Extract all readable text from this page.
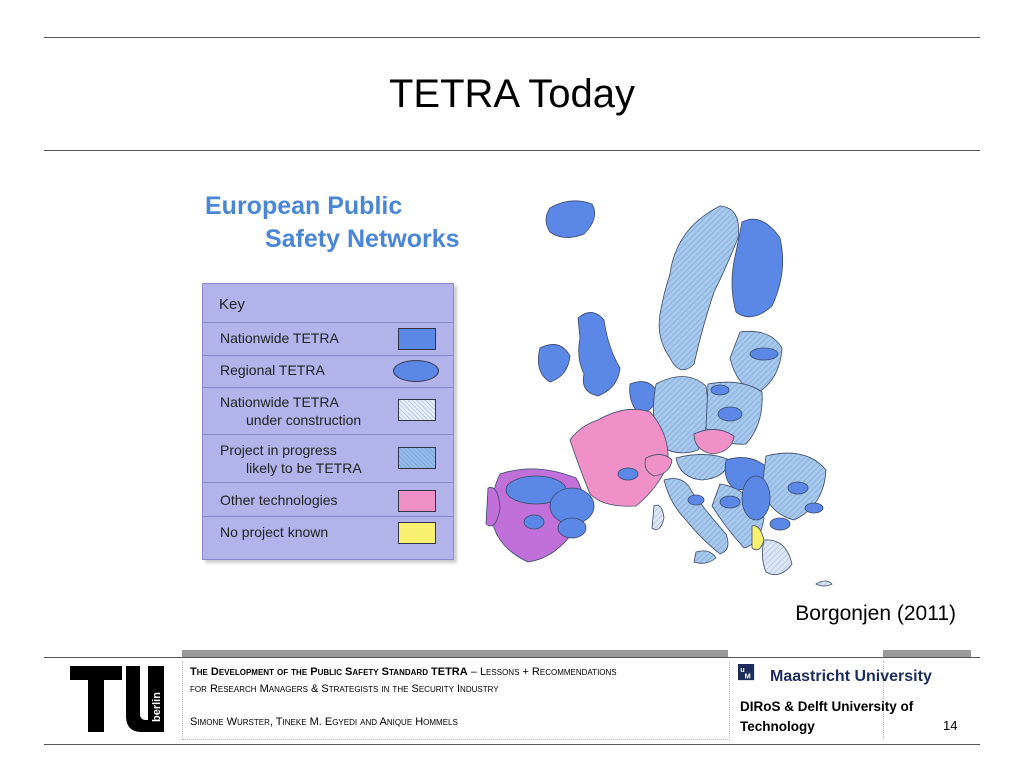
TETRA Today
European Public
Safety Networks
Key
Nationwide TETRA
Regional TETRA
Nationwide TETRA
under construction
Project in progress
likely to be TETRA
Other technologies
No project known
Borgonjen (2011)
berlin
The Development of the Public Safety Standard TETRA – Lessons + Recommendations
for Research Managers & Strategists in the Security Industry
Simone Wurster, Tineke M. Egyedi and Anique Hommels
u
M Maastricht University
DIRoS & Delft University of
Technology	14
